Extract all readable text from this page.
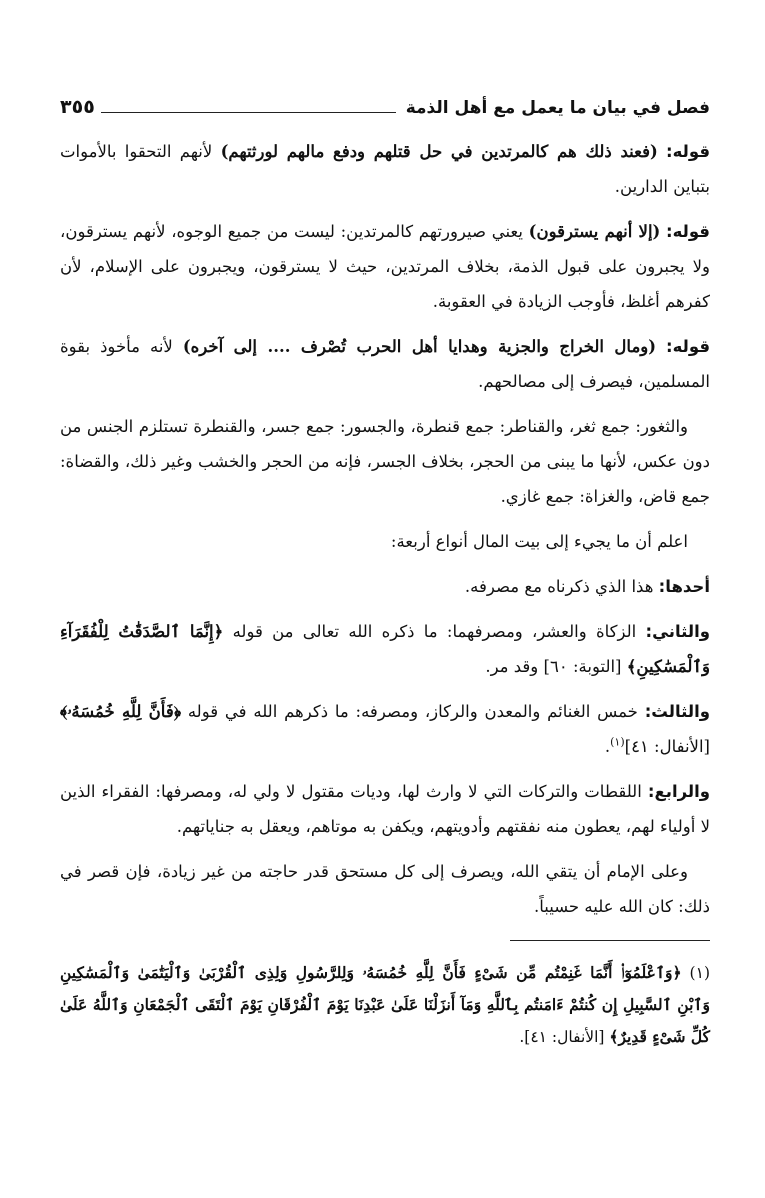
فصل في بيان ما يعمل مع أهل الذمة
٣٥٥

قوله: (فعند ذلك هم كالمرتدين في حل قتلهم ودفع مالهم لورثتهم) لأنهم التحقوا بالأموات بتباين الدارين.

قوله: (إلا أنهم يسترقون) يعني صيرورتهم كالمرتدين: ليست من جميع الوجوه، لأنهم يسترقون، ولا يجبرون على قبول الذمة، بخلاف المرتدين، حيث لا يسترقون، ويجبرون على الإسلام، لأن كفرهم أغلظ، فأوجب الزيادة في العقوبة.

قوله: (ومال الخراج والجزية وهدايا أهل الحرب تُصْرف .... إلى آخره) لأنه مأخوذ بقوة المسلمين، فيصرف إلى مصالحهم.

والثغور: جمع ثغر، والقناطر: جمع قنطرة، والجسور: جمع جسر، والقنطرة تستلزم الجنس من دون عكس، لأنها ما يبنى من الحجر، بخلاف الجسر، فإنه من الحجر والخشب وغير ذلك، والقضاة: جمع قاض، والغزاة: جمع غازي.

اعلم أن ما يجيء إلى بيت المال أنواع أربعة:

أحدها: هذا الذي ذكرناه مع مصرفه.

والثاني: الزكاة والعشر، ومصرفهما: ما ذكره الله تعالى من قوله ﴿إِنَّمَا ٱلصَّدَقَٰتُ لِلْفُقَرَآءِ وَٱلْمَسَٰكِينِ﴾ [التوبة: ٦٠] وقد مر.

والثالث: خمس الغنائم والمعدن والركاز، ومصرفه: ما ذكرهم الله في قوله ﴿فَأَنَّ لِلَّهِ خُمُسَهُۥ﴾ [الأنفال: ٤١]$^{(١)}$.

والرابع: اللقطات والتركات التي لا وارث لها، وديات مقتول لا ولي له، ومصرفها: الفقراء الذين لا أولياء لهم، يعطون منه نفقتهم وأدويتهم، ويكفن به موتاهم، ويعقل به جناياتهم.

وعلى الإمام أن يتقي الله، ويصرف إلى كل مستحق قدر حاجته من غير زيادة، فإن قصر في ذلك: كان الله عليه حسيباً.

(١)﴿وَٱعْلَمُوٓا۟ أَنَّمَا غَنِمْتُم مِّن شَىْءٍ فَأَنَّ لِلَّهِ خُمُسَهُۥ وَلِلرَّسُولِ وَلِذِى ٱلْقُرْبَىٰ وَٱلْيَتَٰمَىٰ وَٱلْمَسَٰكِينِ وَٱبْنِ ٱلسَّبِيلِ إِن كُنتُمْ ءَامَنتُم بِٱللَّهِ وَمَآ أَنزَلْنَا عَلَىٰ عَبْدِنَا يَوْمَ ٱلْفُرْقَانِ يَوْمَ ٱلْتَقَى ٱلْجَمْعَانِ وَٱللَّهُ عَلَىٰ كُلِّ شَىْءٍ قَدِيرٌ﴾ [الأنفال: ٤١].
